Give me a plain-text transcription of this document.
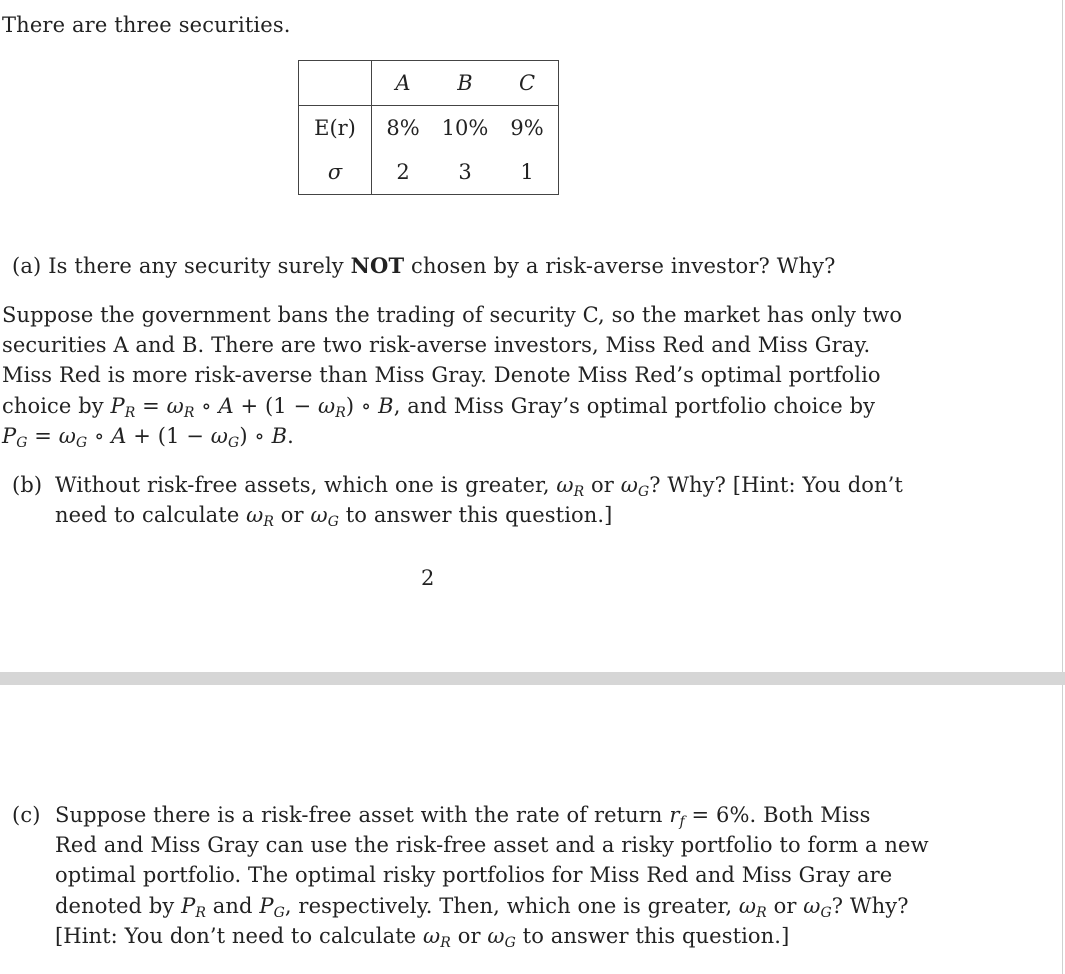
There are three securities.
	A	B	C
E(r)	8%	10%	9%
σ	2	3	1
(a) Is there any security surely NOT chosen by a risk-averse investor? Why?
Suppose the government bans the trading of security C, so the market has only two
securities A and B. There are two risk-averse investors, Miss Red and Miss Gray.
Miss Red is more risk-averse than Miss Gray. Denote Miss Red’s optimal portfolio
choice by $P_R = \omega_R$ ∘ $A + (1 - \omega_R)$ ∘ B, and Miss Gray’s optimal portfolio choice by
$P_G = \omega_G$ ∘ $A + (1 - \omega_G)$ ∘ B.
(b) Without risk-free assets, which one is greater, $\omega_R$ or $\omega_G$? Why? [Hint: You don’t
need to calculate $\omega_R$ or $\omega_G$ to answer this question.]
2
(c) Suppose there is a risk-free asset with the rate of return $r_f = 6\%$. Both Miss
Red and Miss Gray can use the risk-free asset and a risky portfolio to form a new
optimal portfolio. The optimal risky portfolios for Miss Red and Miss Gray are
denoted by $P_R$ and $P_G$, respectively. Then, which one is greater, $\omega_R$ or $\omega_G$? Why?
[Hint: You don’t need to calculate $\omega_R$ or $\omega_G$ to answer this question.]
